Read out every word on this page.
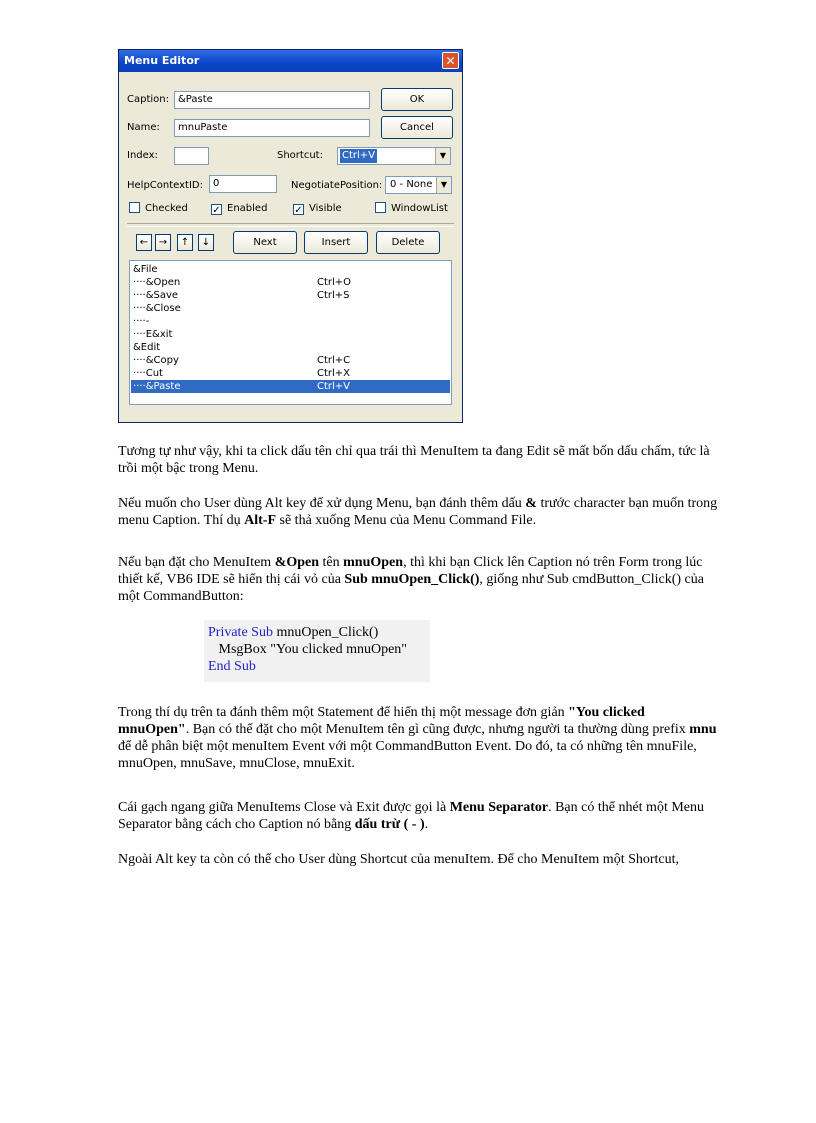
Menu Editor	✕
Caption: &Paste
Name:	mnuPaste
OK
Cancel
Index:	Shortcut: Ctrl+V	▼
HelpContextID:	0	NegotiatePosition: 0 - None	▼
Checked ✓ Enabled	✓ Visible	WindowList
←	→	↑	↓	Next	Insert	Delete
&File
····&Open	Ctrl+O
····&Save	Ctrl+S
····&Close
····-
····E&xit
&Edit
····&Copy	Ctrl+C
····Cut	Ctrl+X
····&Paste	Ctrl+V
Tương tự như vậy, khi ta click dấu tên chỉ qua trái thì MenuItem ta đang Edit sẽ mất bốn dấu chấm, tức là trồi một bậc trong Menu.
Nếu muốn cho User dùng Alt key để xử dụng Menu, bạn đánh thêm dấu & trước character bạn muốn trong menu Caption. Thí dụ Alt-F sẽ thả xuống Menu của Menu Command File.
Nếu bạn đặt cho MenuItem &Open tên mnuOpen, thì khi bạn Click lên Caption nó trên Form trong lúc thiết kế, VB6 IDE sẽ hiển thị cái vỏ của Sub mnuOpen_Click(), giống như Sub cmdButton_Click() của một CommandButton:
Private Sub mnuOpen_Click()
MsgBox "You clicked mnuOpen"
End Sub
Trong thí dụ trên ta đánh thêm một Statement để hiển thị một message đơn giản "You clicked mnuOpen". Bạn có thể đặt cho một MenuItem tên gì cũng được, nhưng người ta thường dùng prefix mnu để dễ phân biệt một menuItem Event với một CommandButton Event. Do đó, ta có những tên mnuFile, mnuOpen, mnuSave, mnuClose, mnuExit.
Cái gạch ngang giữa MenuItems Close và Exit được gọi là Menu Separator. Bạn có thể nhét một Menu Separator bằng cách cho Caption nó bằng dấu trừ ( - ).
Ngoài Alt key ta còn có thể cho User dùng Shortcut của menuItem. Để cho MenuItem một Shortcut,
